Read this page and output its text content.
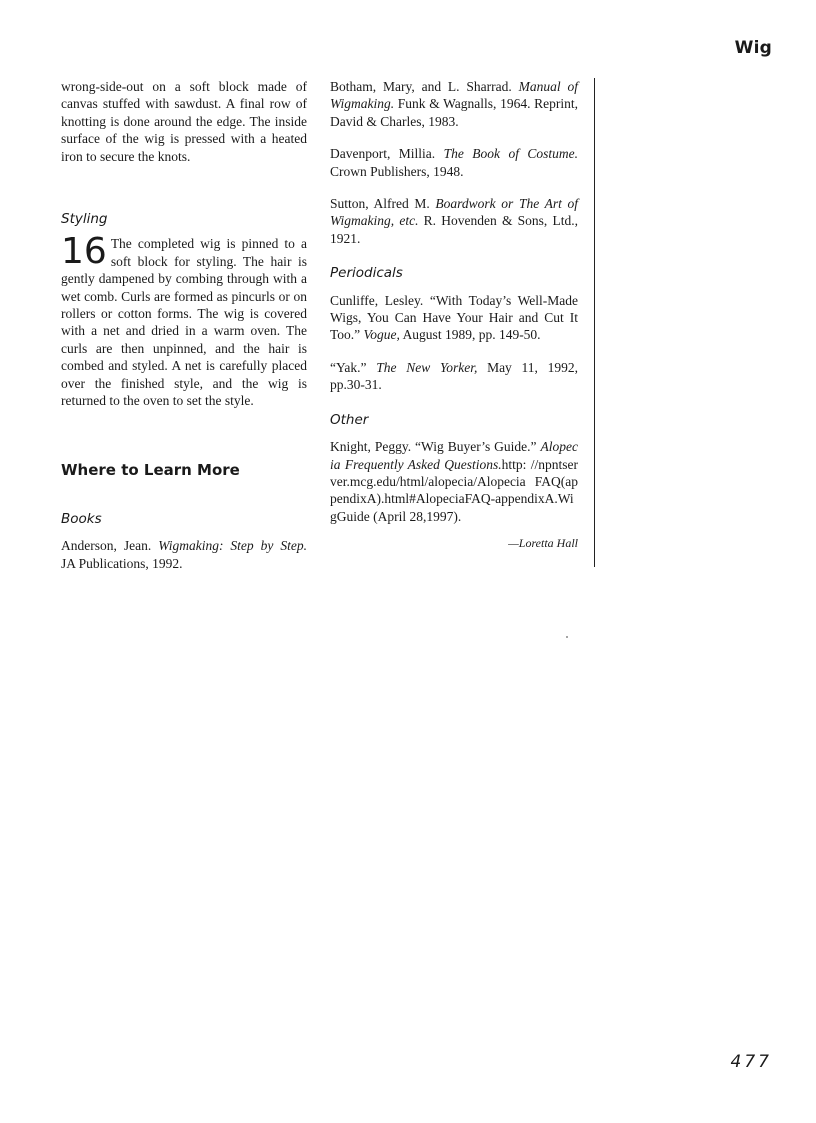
Wig

wrong-side-out on a soft block made of canvas stuffed with sawdust. A final row of knotting is done around the edge. The inside surface of the wig is pressed with a heated iron to secure the knots.

Styling

16 The completed wig is pinned to a soft block for styling. The hair is gently dampened by combing through with a wet comb. Curls are formed as pincurls or on rollers or cotton forms. The wig is covered with a net and dried in a warm oven. The curls are then unpinned, and the hair is combed and styled. A net is carefully placed over the finished style, and the wig is returned to the oven to set the style.

Where to Learn More
Books

Anderson, Jean. Wigmaking: Step by Step. JA Publications, 1992.

Botham, Mary, and L. Sharrad. Manual of Wigmaking. Funk & Wagnalls, 1964. Reprint, David & Charles, 1983.

Davenport, Millia. The Book of Costume. Crown Publishers, 1948.

Sutton, Alfred M. Boardwork or The Art of Wigmaking, etc. R. Hovenden & Sons, Ltd., 1921.

Periodicals

Cunliffe, Lesley. “With Today’s Well-Made Wigs, You Can Have Your Hair and Cut It Too.” Vogue, August 1989, pp. 149-50.

“Yak.” The New Yorker, May 11, 1992, pp.30-31.

Other

Knight, Peggy. “Wig Buyer’s Guide.” Alopecia Frequently Asked Questions.http: //npntserver.mcg.edu/html/alopecia/Alopecia FAQ(appendixA).html#AlopeciaFAQ-appendixA.WigGuide (April 28,1997).

—Loretta Hall
477
